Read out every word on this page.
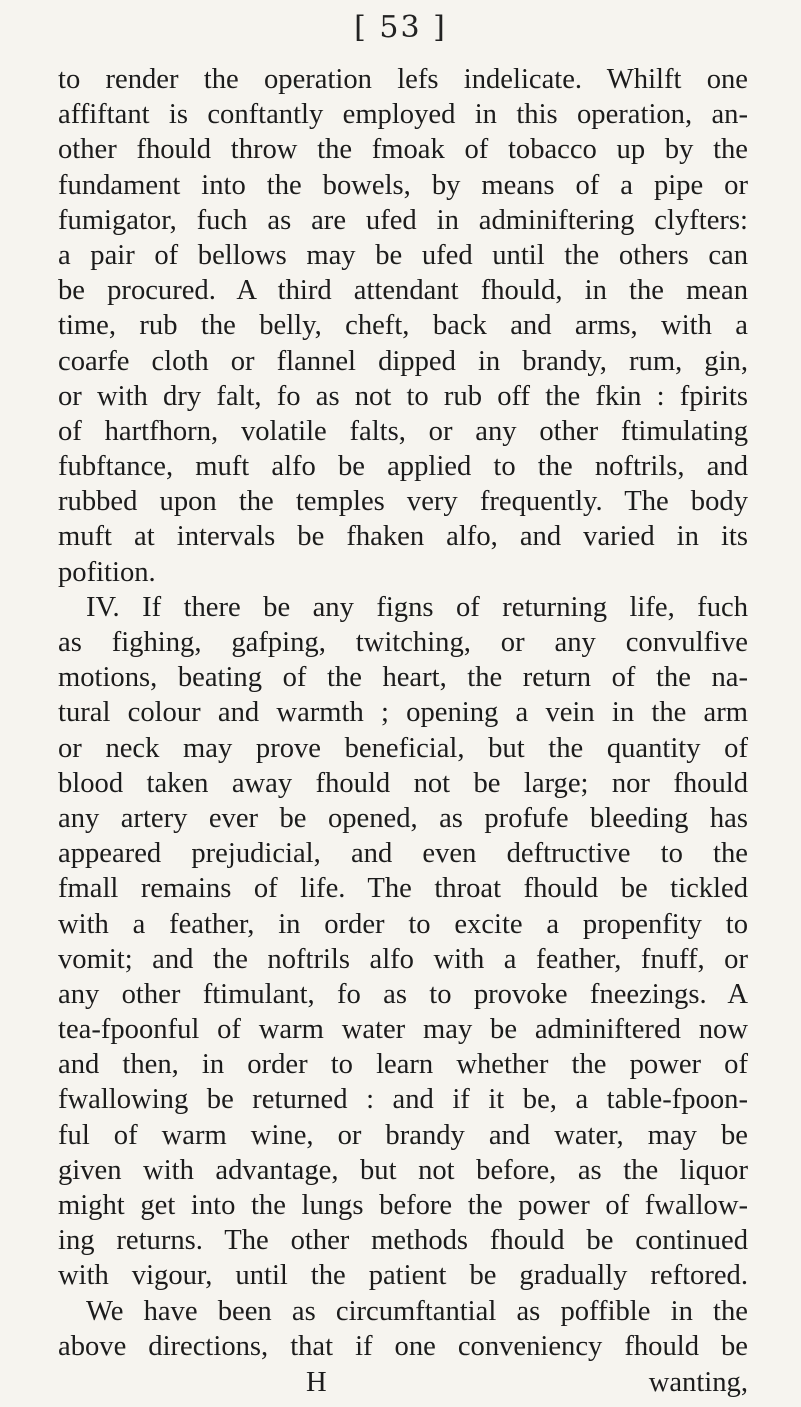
[ 53 ]
to render the operation lefs indelicate. Whilft one
affiftant is conftantly employed in this operation, an-
other fhould throw the fmoak of tobacco up by the
fundament into the bowels, by means of a pipe or
fumigator, fuch as are ufed in adminiftering clyfters:
a pair of bellows may be ufed until the others can
be procured. A third attendant fhould, in the mean
time, rub the belly, cheft, back and arms, with a
coarfe cloth or flannel dipped in brandy, rum, gin,
or with dry falt, fo as not to rub off the fkin : fpirits
of hartfhorn, volatile falts, or any other ftimulating
fubftance, muft alfo be applied to the noftrils, and
rubbed upon the temples very frequently. The body
muft at intervals be fhaken alfo, and varied in its
pofition.
IV. If there be any figns of returning life, fuch
as fighing, gafping, twitching, or any convulfive
motions, beating of the heart, the return of the na-
tural colour and warmth ; opening a vein in the arm
or neck may prove beneficial, but the quantity of
blood taken away fhould not be large; nor fhould
any artery ever be opened, as profufe bleeding has
appeared prejudicial, and even deftructive to the
fmall remains of life. The throat fhould be tickled
with a feather, in order to excite a propenfity to
vomit; and the noftrils alfo with a feather, fnuff, or
any other ftimulant, fo as to provoke fneezings. A
tea-fpoonful of warm water may be adminiftered now
and then, in order to learn whether the power of
fwallowing be returned : and if it be, a table-fpoon-
ful of warm wine, or brandy and water, may be
given with advantage, but not before, as the liquor
might get into the lungs before the power of fwallow-
ing returns. The other methods fhould be continued
with vigour, until the patient be gradually reftored.
We have been as circumftantial as poffible in the
above directions, that if one conveniency fhould be
H	wanting,
